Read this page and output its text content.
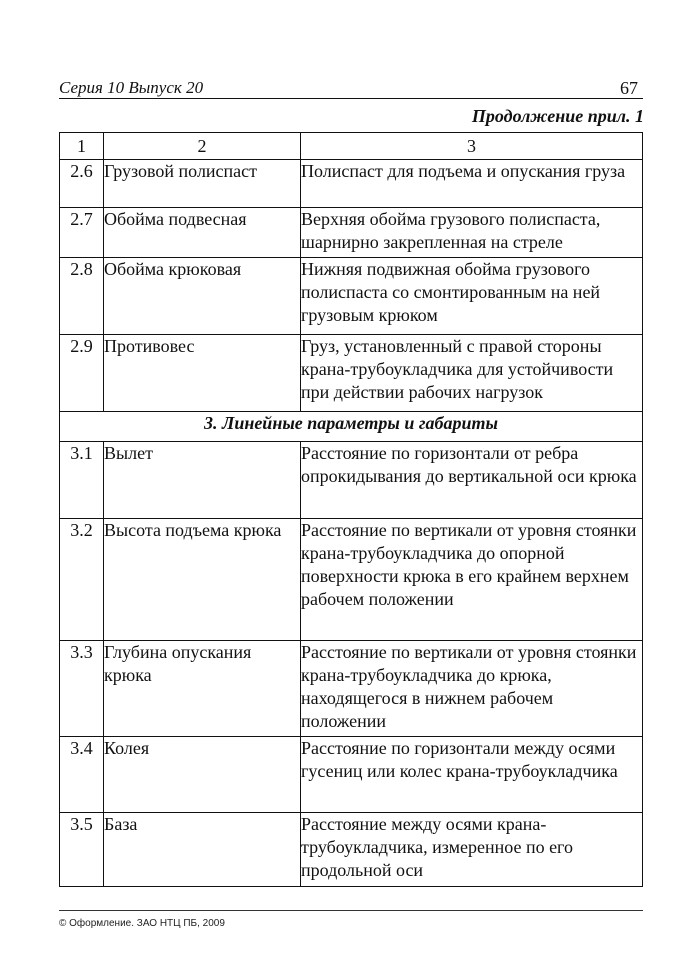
Серия 10 Выпуск 20	67
Продолжение прил. 1
1	2	3
2.6	Грузовой полиспаст	Полиспаст для подъема и опускания груза
2.7	Обойма подвесная	Верхняя обойма грузового полиспаста, шарнирно закрепленная на стреле
2.8	Обойма крюковая	Нижняя подвижная обойма грузового полиспаста со смонтированным на ней грузовым крюком
2.9	Противовес	Груз, установленный с правой стороны крана-трубоукладчика для устойчивости при действии рабочих нагрузок
3. Линейные параметры и габариты		
3.1	Вылет	Расстояние по горизонтали от ребра опрокидывания до вертикальной оси крюка
3.2	Высота подъема крюка	Расстояние по вертикали от уровня стоянки крана-трубоукладчика до опорной поверхности крюка в его крайнем верхнем рабочем положении
3.3	Глубина опускания крюка	Расстояние по вертикали от уровня стоянки крана-трубоукладчика до крюка, находящегося в нижнем рабочем положении
3.4	Колея	Расстояние по горизонтали между осями гусениц или колес крана-трубоукладчика
3.5	База	Расстояние между осями крана-трубоукладчика, измеренное по его продольной оси
© Оформление. ЗАО НТЦ ПБ, 2009
